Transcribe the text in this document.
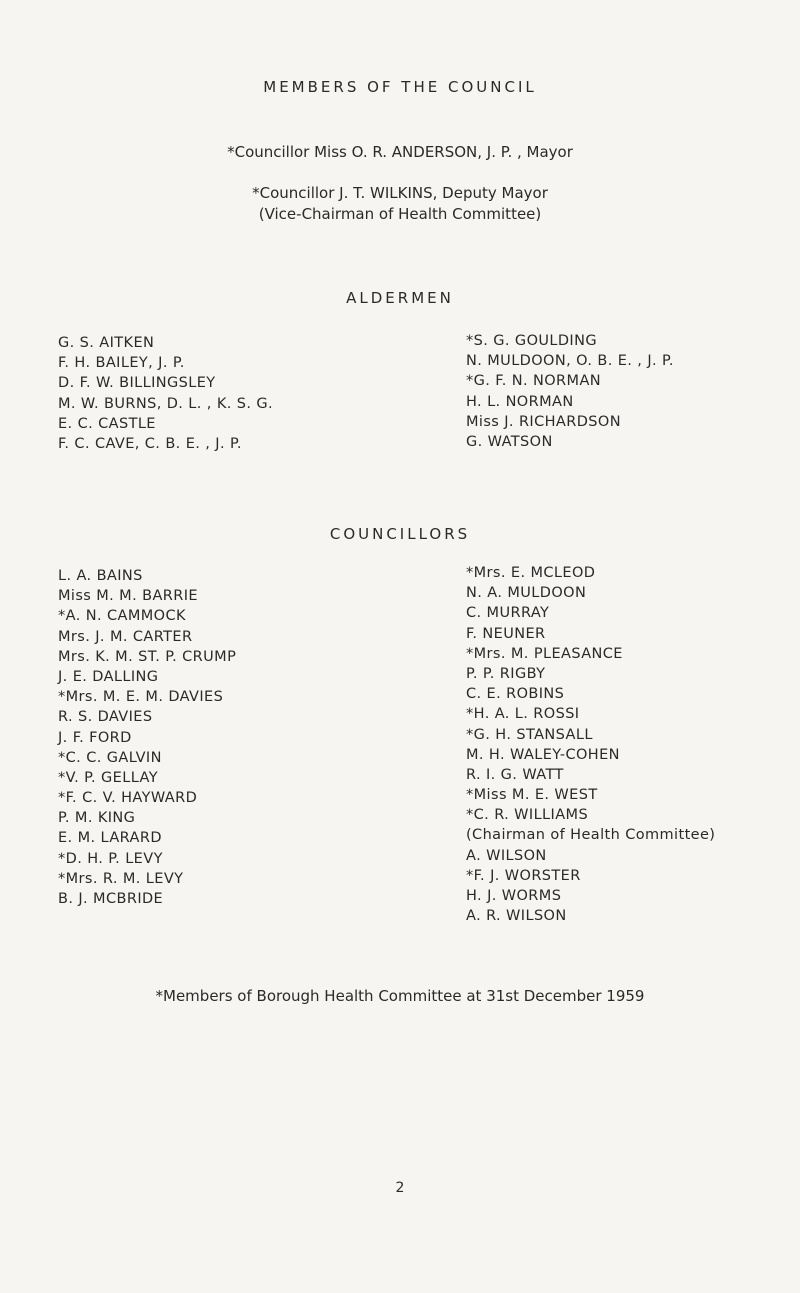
MEMBERS OF THE COUNCIL
*Councillor Miss O. R. ANDERSON, J. P. , Mayor
*Councillor J. T. WILKINS, Deputy Mayor
(Vice-Chairman of Health Committee)
ALDERMEN
G. S. AITKEN
F. H. BAILEY, J. P.
D. F. W. BILLINGSLEY
M. W. BURNS, D. L. , K. S. G.
E. C. CASTLE
F. C. CAVE, C. B. E. , J. P.
*S. G. GOULDING
N. MULDOON, O. B. E. , J. P.
*G. F. N. NORMAN
H. L. NORMAN
Miss J. RICHARDSON
G. WATSON
COUNCILLORS
L. A. BAINS
Miss M. M. BARRIE
*A. N. CAMMOCK
Mrs. J. M. CARTER
Mrs. K. M. ST. P. CRUMP
J. E. DALLING
*Mrs. M. E. M. DAVIES
R. S. DAVIES
J. F. FORD
*C. C. GALVIN
*V. P. GELLAY
*F. C. V. HAYWARD
P. M. KING
E. M. LARARD
*D. H. P. LEVY
*Mrs. R. M. LEVY
B. J. MCBRIDE
*Mrs. E. MCLEOD
N. A. MULDOON
C. MURRAY
F. NEUNER
*Mrs. M. PLEASANCE
P. P. RIGBY
C. E. ROBINS
*H. A. L. ROSSI
*G. H. STANSALL
M. H. WALEY-COHEN
R. I. G. WATT
*Miss M. E. WEST
*C. R. WILLIAMS
(Chairman of Health Committee)
A. WILSON
*F. J. WORSTER
H. J. WORMS
A. R. WILSON
*Members of Borough Health Committee at 31st December 1959
2
